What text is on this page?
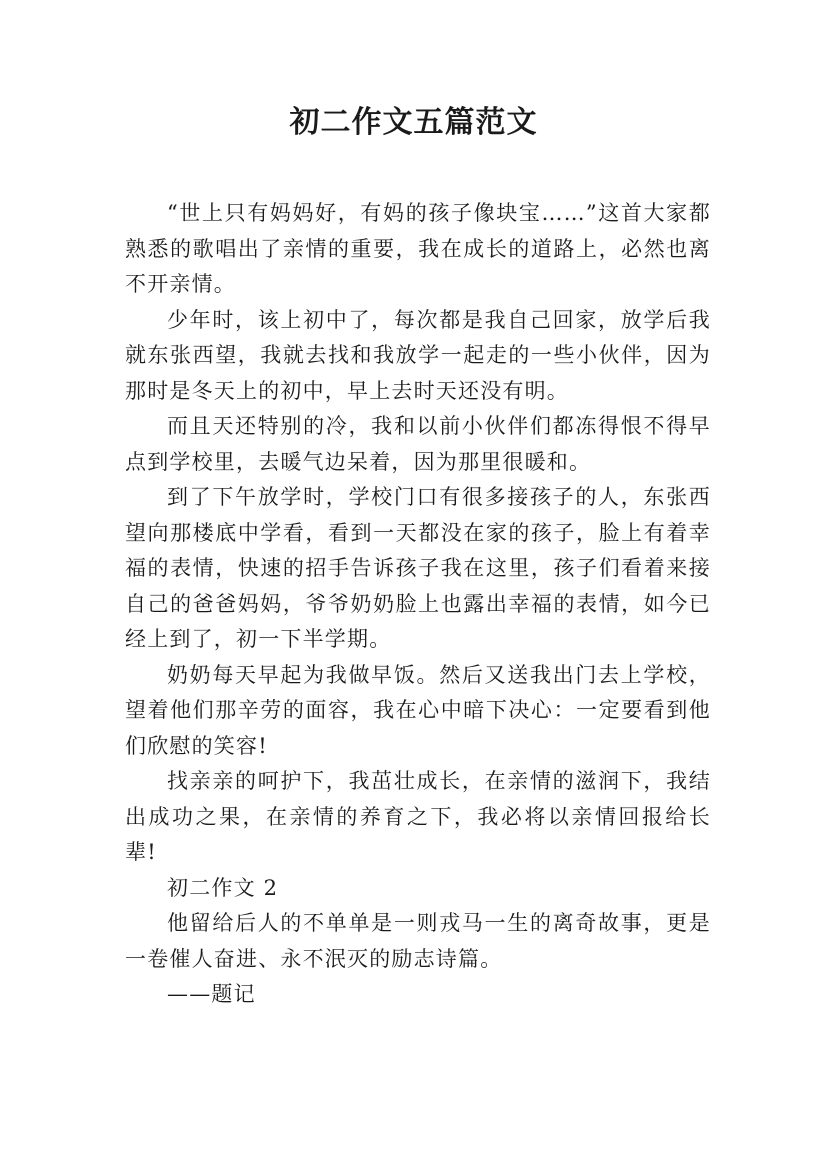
初二作文五篇范文

“世上只有妈妈好，有妈的孩子像块宝……”这首大家都熟悉的歌唱出了亲情的重要，我在成长的道路上，必然也离不开亲情。

少年时，该上初中了，每次都是我自己回家，放学后我就东张西望，我就去找和我放学一起走的一些小伙伴，因为那时是冬天上的初中，早上去时天还没有明。

而且天还特别的冷，我和以前小伙伴们都冻得恨不得早点到学校里，去暖气边呆着，因为那里很暖和。

到了下午放学时，学校门口有很多接孩子的人，东张西望向那楼底中学看，看到一天都没在家的孩子，脸上有着幸福的表情，快速的招手告诉孩子我在这里，孩子们看着来接自己的爸爸妈妈，爷爷奶奶脸上也露出幸福的表情，如今已经上到了，初一下半学期。

奶奶每天早起为我做早饭。然后又送我出门去上学校，望着他们那辛劳的面容，我在心中暗下决心：一定要看到他们欣慰的笑容!

找亲亲的呵护下，我茁壮成长，在亲情的滋润下，我结出成功之果，在亲情的养育之下，我必将以亲情回报给长辈!

初二作文 2

他留给后人的不单单是一则戎马一生的离奇故事，更是一卷催人奋进、永不泯灭的励志诗篇。

——题记
